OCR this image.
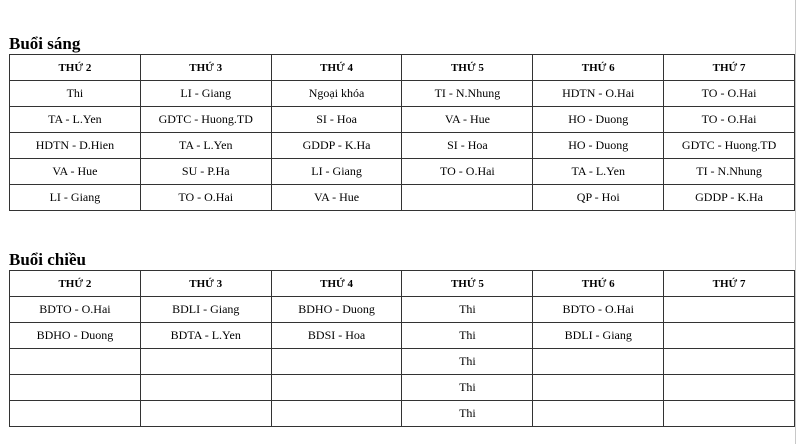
Buổi sáng
THỨ 2	THỨ 3	THỨ 4	THỨ 5	THỨ 6	THỨ 7
Thi	LI - Giang	Ngoại khóa	TI - N.Nhung	HDTN - O.Hai	TO - O.Hai
TA - L.Yen	GDTC - Huong.TD	SI - Hoa	VA - Hue	HO - Duong	TO - O.Hai
HDTN - D.Hien	TA - L.Yen	GDDP - K.Ha	SI - Hoa	HO - Duong	GDTC - Huong.TD
VA - Hue	SU - P.Ha	LI - Giang	TO - O.Hai	TA - L.Yen	TI - N.Nhung
LI - Giang	TO - O.Hai	VA - Hue		QP - Hoi	GDDP - K.Ha
Buổi chiều
THỨ 2	THỨ 3	THỨ 4	THỨ 5	THỨ 6	THỨ 7
BDTO - O.Hai	BDLI - Giang	BDHO - Duong	Thi	BDTO - O.Hai	
BDHO - Duong	BDTA - L.Yen	BDSI - Hoa	Thi	BDLI - Giang	
			Thi		
			Thi		
			Thi		
